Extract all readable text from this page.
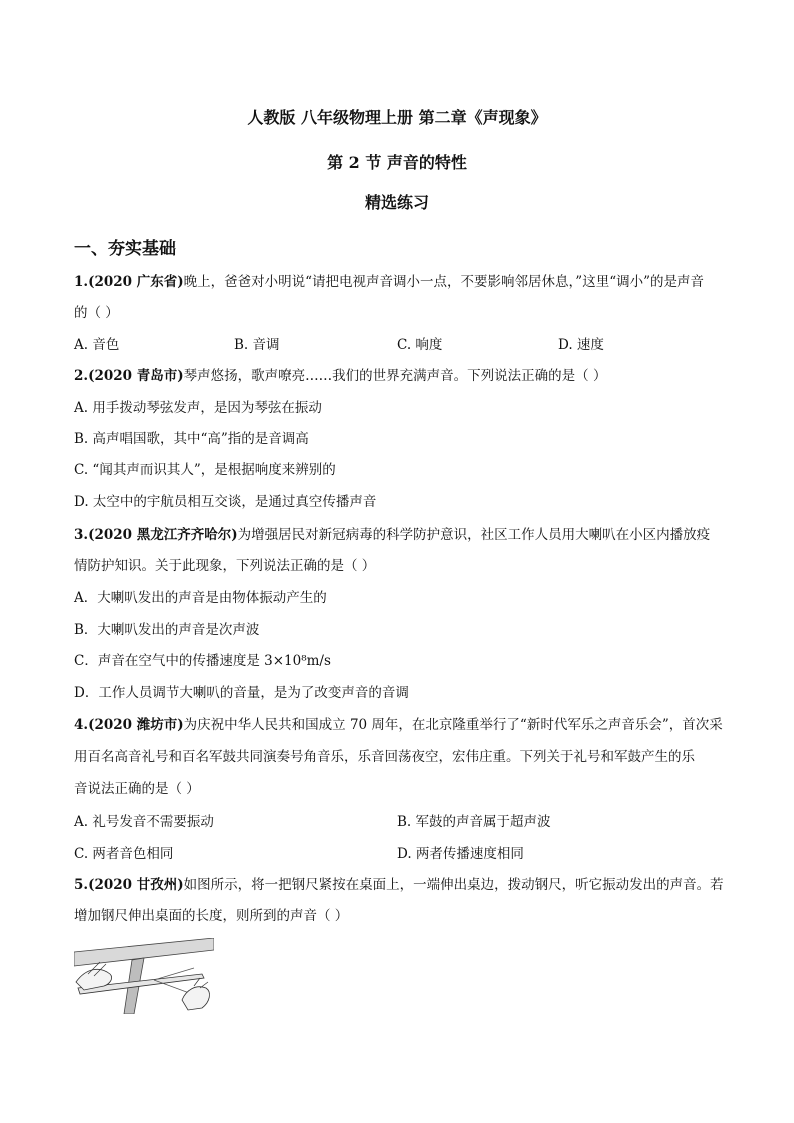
人教版 八年级物理上册 第二章《声现象》
第 2 节 声音的特性
精选练习
一、夯实基础
1.(2020 广东省)晚上，爸爸对小明说“请把电视声音调小一点，不要影响邻居休息，”这里“调小”的是声音
的（ ）
A. 音色	B. 音调	C. 响度	D. 速度
2.(2020 青岛市)琴声悠扬，歌声嘹亮……我们的世界充满声音。下列说法正确的是（ ）
A. 用手拨动琴弦发声，是因为琴弦在振动
B. 高声唱国歌，其中“高”指的是音调高
C. “闻其声而识其人”，是根据响度来辨别的
D. 太空中的宇航员相互交谈，是通过真空传播声音
3.(2020 黑龙江齐齐哈尔)为增强居民对新冠病毒的科学防护意识，社区工作人员用大喇叭在小区内播放疫
情防护知识。关于此现象，下列说法正确的是（ ）
A．大喇叭发出的声音是由物体振动产生的
B．大喇叭发出的声音是次声波
C．声音在空气中的传播速度是 3×10⁸m/s
D．工作人员调节大喇叭的音量，是为了改变声音的音调
4.(2020 潍坊市)为庆祝中华人民共和国成立 70 周年，在北京隆重举行了“新时代军乐之声音乐会”，首次采
用百名高音礼号和百名军鼓共同演奏号角音乐，乐音回荡夜空，宏伟庄重。下列关于礼号和军鼓产生的乐
音说法正确的是（ ）
A. 礼号发音不需要振动	B. 军鼓的声音属于超声波
C. 两者音色相同	D. 两者传播速度相同
5.(2020 甘孜州)如图所示，将一把钢尺紧按在桌面上，一端伸出桌边，拨动钢尺，听它振动发出的声音。若
增加钢尺伸出桌面的长度，则所到的声音（ ）
